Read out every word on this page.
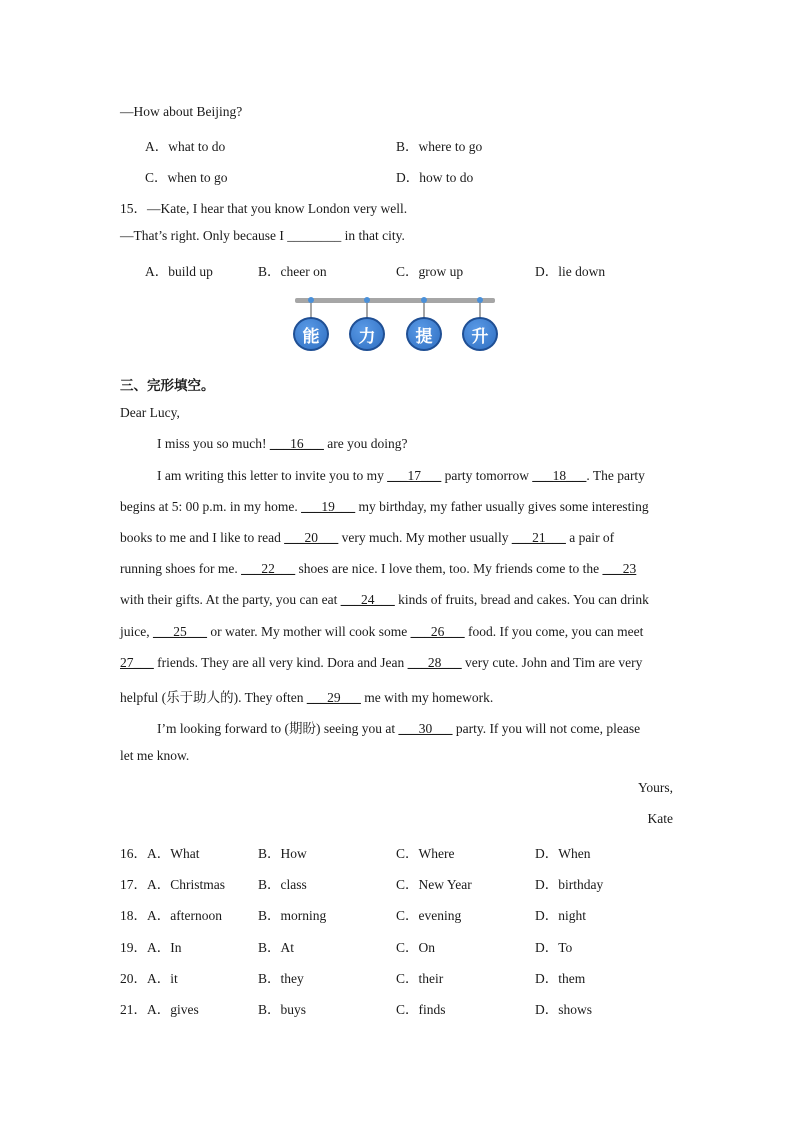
—How about Beijing?
A．what to do	B．where to go
C．when to go	D．how to do
15．—Kate, I hear that you know London very well.
—That’s right. Only because I ________ in that city.
A．build up	B．cheer on	C．grow up	D．lie down
能	力	提	升
三、完形填空。
Dear Lucy,
I miss you so much! ___16___ are you doing?
I am writing this letter to invite you to my ___17___ party tomorrow ___18___. The party
begins at 5: 00 p.m. in my home. ___19___ my birthday, my father usually gives some interesting
books to me and I like to read ___20___ very much. My mother usually ___21___ a pair of
running shoes for me. ___22___ shoes are nice. I love them, too. My friends come to the ___23
with their gifts. At the party, you can eat ___24___ kinds of fruits, bread and cakes. You can drink
juice, ___25___ or water. My mother will cook some ___26___ food. If you come, you can meet
27___ friends. They are all very kind. Dora and Jean ___28___ very cute. John and Tim are very
helpful (乐于助人的). They often ___29___ me with my homework.
I’m looking forward to (期盼) seeing you at ___30___ party. If you will not come, please
let me know.
Yours,
Kate
16．A．What	B．How	C．Where	D．When
17．A．Christmas B．class	C．New Year	D．birthday
18．A．afternoon	B．morning	C．evening	D．night
19．A．In	B．At	C．On	D．To
20．A．it	B．they	C．their	D．them
21．A．gives	B．buys	C．finds	D．shows
